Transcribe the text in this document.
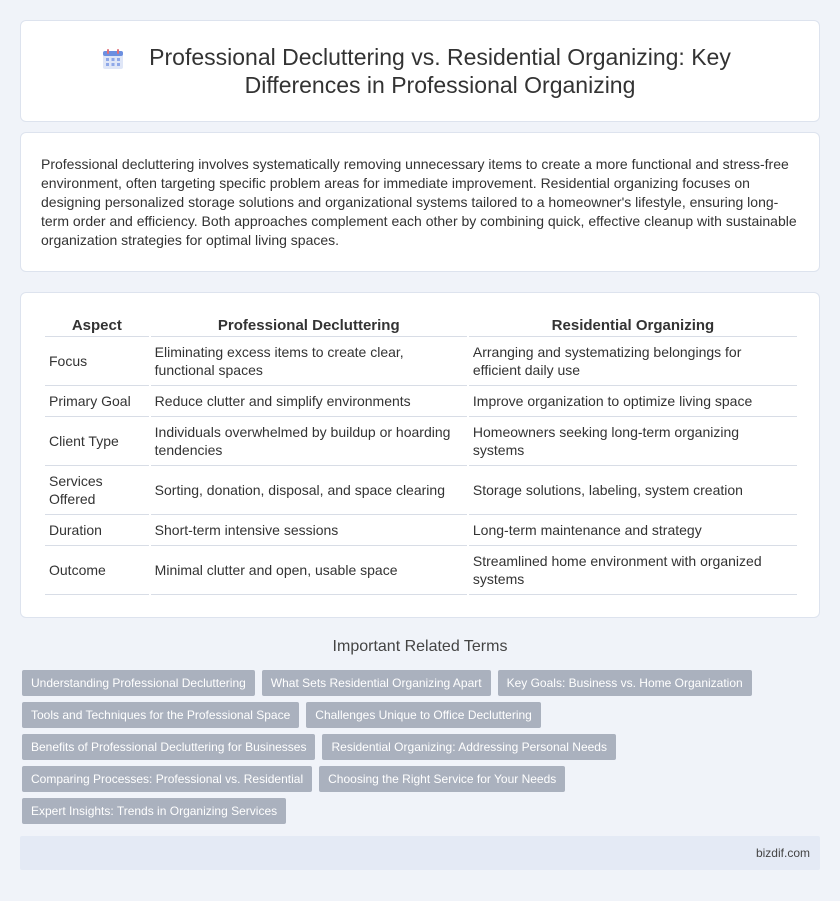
Professional Decluttering vs. Residential Organizing: Key Differences in Professional Organizing

Professional decluttering involves systematically removing unnecessary items to create a more functional and stress-free environment, often targeting specific problem areas for immediate improvement. Residential organizing focuses on designing personalized storage solutions and organizational systems tailored to a homeowner's lifestyle, ensuring long-term order and efficiency. Both approaches complement each other by combining quick, effective cleanup with sustainable organization strategies for optimal living spaces.

Aspect	Professional Decluttering	Residential Organizing
Focus	Eliminating excess items to create clear, functional spaces	Arranging and systematizing belongings for efficient daily use
Primary Goal	Reduce clutter and simplify environments	Improve organization to optimize living space
Client Type	Individuals overwhelmed by buildup or hoarding tendencies	Homeowners seeking long-term organizing systems
Services Offered	Sorting, donation, disposal, and space clearing	Storage solutions, labeling, system creation
Duration	Short-term intensive sessions	Long-term maintenance and strategy
Outcome	Minimal clutter and open, usable space	Streamlined home environment with organized systems
Important Related Terms
Understanding Professional Decluttering	What Sets Residential Organizing Apart	Key Goals: Business vs. Home Organization
Tools and Techniques for the Professional Space	Challenges Unique to Office Decluttering
Benefits of Professional Decluttering for Businesses	Residential Organizing: Addressing Personal Needs
Comparing Processes: Professional vs. Residential	Choosing the Right Service for Your Needs
Expert Insights: Trends in Organizing Services
bizdif.com
